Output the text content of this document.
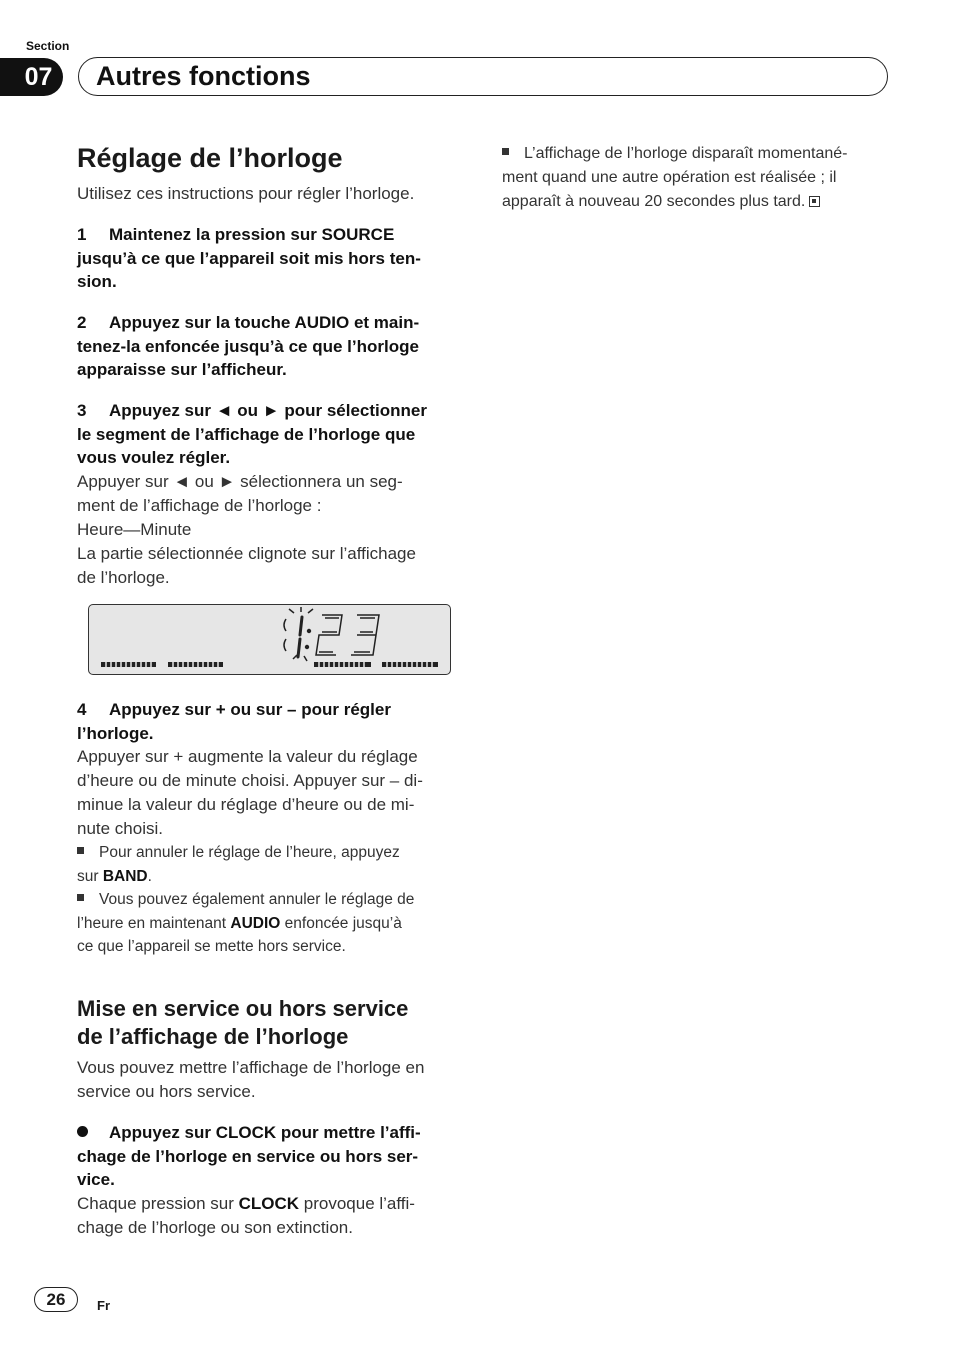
Section
07	Autres fonctions
Réglage de l’horloge

Utilisez ces instructions pour régler l’horloge.

1 Maintenez la pression sur SOURCE
jusqu’à ce que l’appareil soit mis hors ten-
sion.
2 Appuyez sur la touche AUDIO et main-
tenez-la enfoncée jusqu’à ce que l’horloge
apparaisse sur l’afficheur.
3 Appuyez sur ◄ ou ► pour sélectionner
le segment de l’affichage de l’horloge que
vous voulez régler.
Appuyer sur ◄ ou ► sélectionnera un seg-
ment de l’affichage de l’horloge :
Heure—Minute
La partie sélectionnée clignote sur l’affichage
de l’horloge.
4 Appuyez sur + ou sur – pour régler
l’horloge.
Appuyer sur + augmente la valeur du réglage
d’heure ou de minute choisi. Appuyer sur – di-
minue la valeur du réglage d’heure ou de mi-
nute choisi.
Pour annuler le réglage de l’heure, appuyez
sur BAND.
Vous pouvez également annuler le réglage de
l’heure en maintenant AUDIO enfoncée jusqu’à
ce que l’appareil se mette hors service.
Mise en service ou hors service
de l’affichage de l’horloge
Vous pouvez mettre l’affichage de l’horloge en
service ou hors service.
Appuyez sur CLOCK pour mettre l’affi-
chage de l’horloge en service ou hors ser-
vice.
Chaque pression sur CLOCK provoque l’affi-
chage de l’horloge ou son extinction.
L’affichage de l’horloge disparaît momentané-
ment quand une autre opération est réalisée ; il
apparaît à nouveau 20 secondes plus tard.
26	Fr
